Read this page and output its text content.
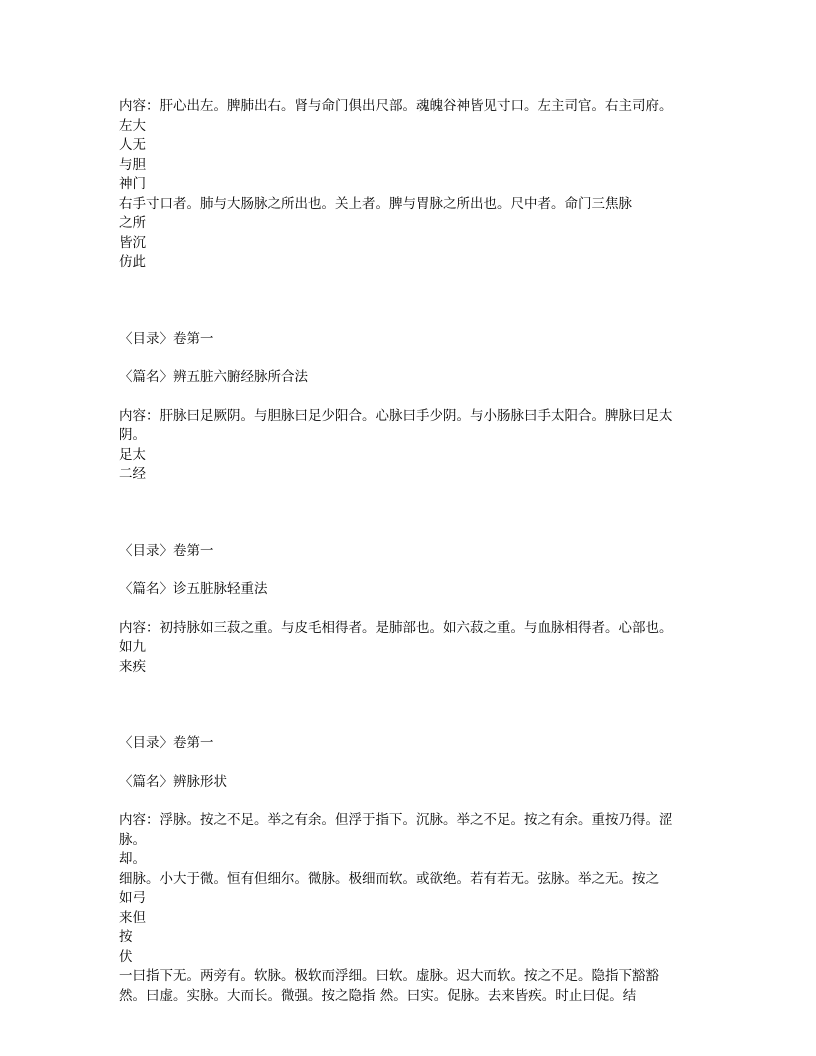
内容：肝心出左。脾肺出右。肾与命门俱出尺部。魂魄谷神皆见寸口。左主司官。右主司府。
左大
人无
与胆
神门
右手寸口者。肺与大肠脉之所出也。关上者。脾与胃脉之所出也。尺中者。命门三焦脉
之所
皆沉
仿此
〈目录〉卷第一
〈篇名〉辨五脏六腑经脉所合法
内容：肝脉曰足厥阴。与胆脉曰足少阳合。心脉曰手少阴。与小肠脉曰手太阳合。脾脉曰足太
阴。
足太
二经
〈目录〉卷第一
〈篇名〉诊五脏脉轻重法
内容：初持脉如三菽之重。与皮毛相得者。是肺部也。如六菽之重。与血脉相得者。心部也。
如九
来疾
〈目录〉卷第一
〈篇名〉辨脉形状
内容：浮脉。按之不足。举之有余。但浮于指下。沉脉。举之不足。按之有余。重按乃得。涩
脉。
却。
细脉。小大于微。恒有但细尔。微脉。极细而软。或欲绝。若有若无。弦脉。举之无。按之
如弓
来但
按
伏
一曰指下无。两旁有。软脉。极软而浮细。曰软。虚脉。迟大而软。按之不足。隐指下豁豁
然。曰虚。实脉。大而长。微强。按之隐指 然。曰实。促脉。去来皆疾。时止曰促。结
